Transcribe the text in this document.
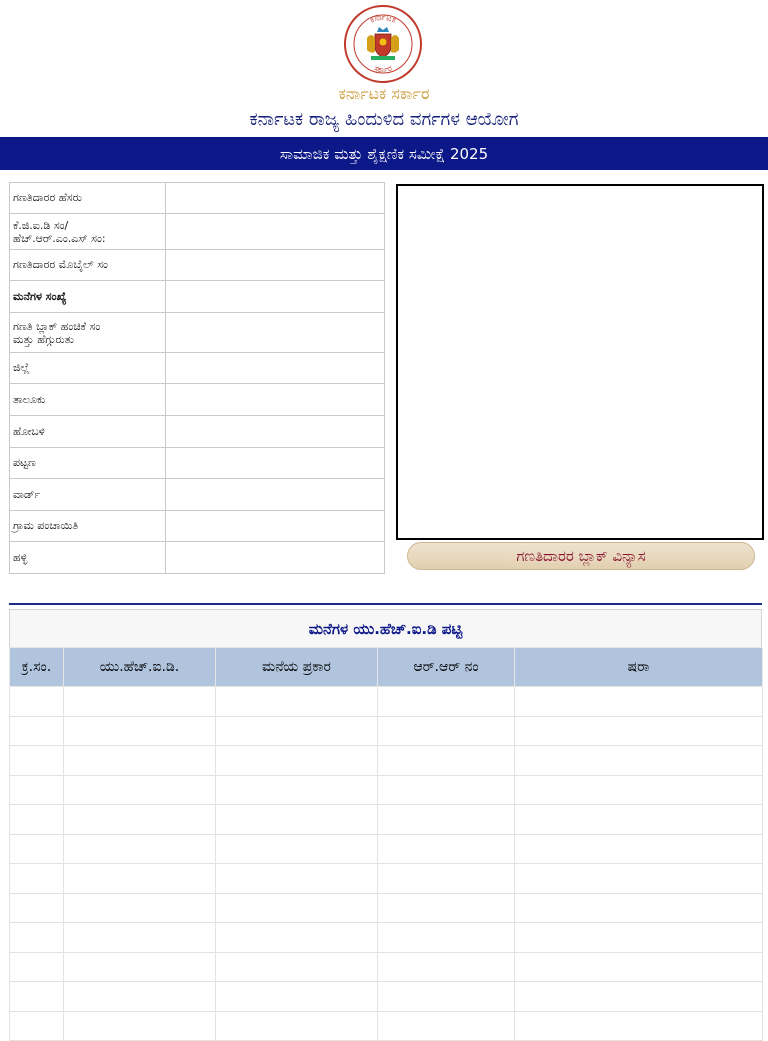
ಕರ್ನಾಟಕ
ಸರ್ಕಾರ
ಕರ್ನಾಟಕ ಸರ್ಕಾರ
ಕರ್ನಾಟಕ ರಾಜ್ಯ ಹಿಂದುಳಿದ ವರ್ಗಗಳ ಆಯೋಗ
ಸಾಮಾಜಿಕ ಮತ್ತು ಶೈಕ್ಷಣಿಕ ಸಮೀಕ್ಷೆ 2025
ಗಣತಿದಾರರ ಹೆಸರು	
ಕೆ.ಜಿ.ಐ.ಡಿ ಸಂ/
ಹೆಚ್.ಆರ್.ಎಂ.ಎಸ್ ಸಂ:	
ಗಣತಿದಾರರ ಮೊಬೈಲ್ ಸಂ	
ಮನೆಗಳ ಸಂಖ್ಯೆ	
ಗಣತಿ ಬ್ಲಾಕ್ ಹಂಚಿಕೆ ಸಂ
ಮತ್ತು ಹೆಗ್ಗುರುತು	
ಜಿಲ್ಲೆ	
ತಾಲೂಕು	
ಹೋಬಳಿ	
ಪಟ್ಟಣ	
ವಾರ್ಡ್	
ಗ್ರಾಮ ಪಂಚಾಯಿತಿ	
ಹಳ್ಳಿ		ಗಣತಿದಾರರ ಬ್ಲಾಕ್ ವಿನ್ಯಾಸ
ಮನೆಗಳ ಯು.ಹೆಚ್.ಐ.ಡಿ ಪಟ್ಟಿ
ಕ್ರ.ಸಂ.	ಯು.ಹೆಚ್.ಐ.ಡಿ.	ಮನೆಯ ಪ್ರಕಾರ	ಆರ್.ಆರ್ ನಂ	ಷರಾ
